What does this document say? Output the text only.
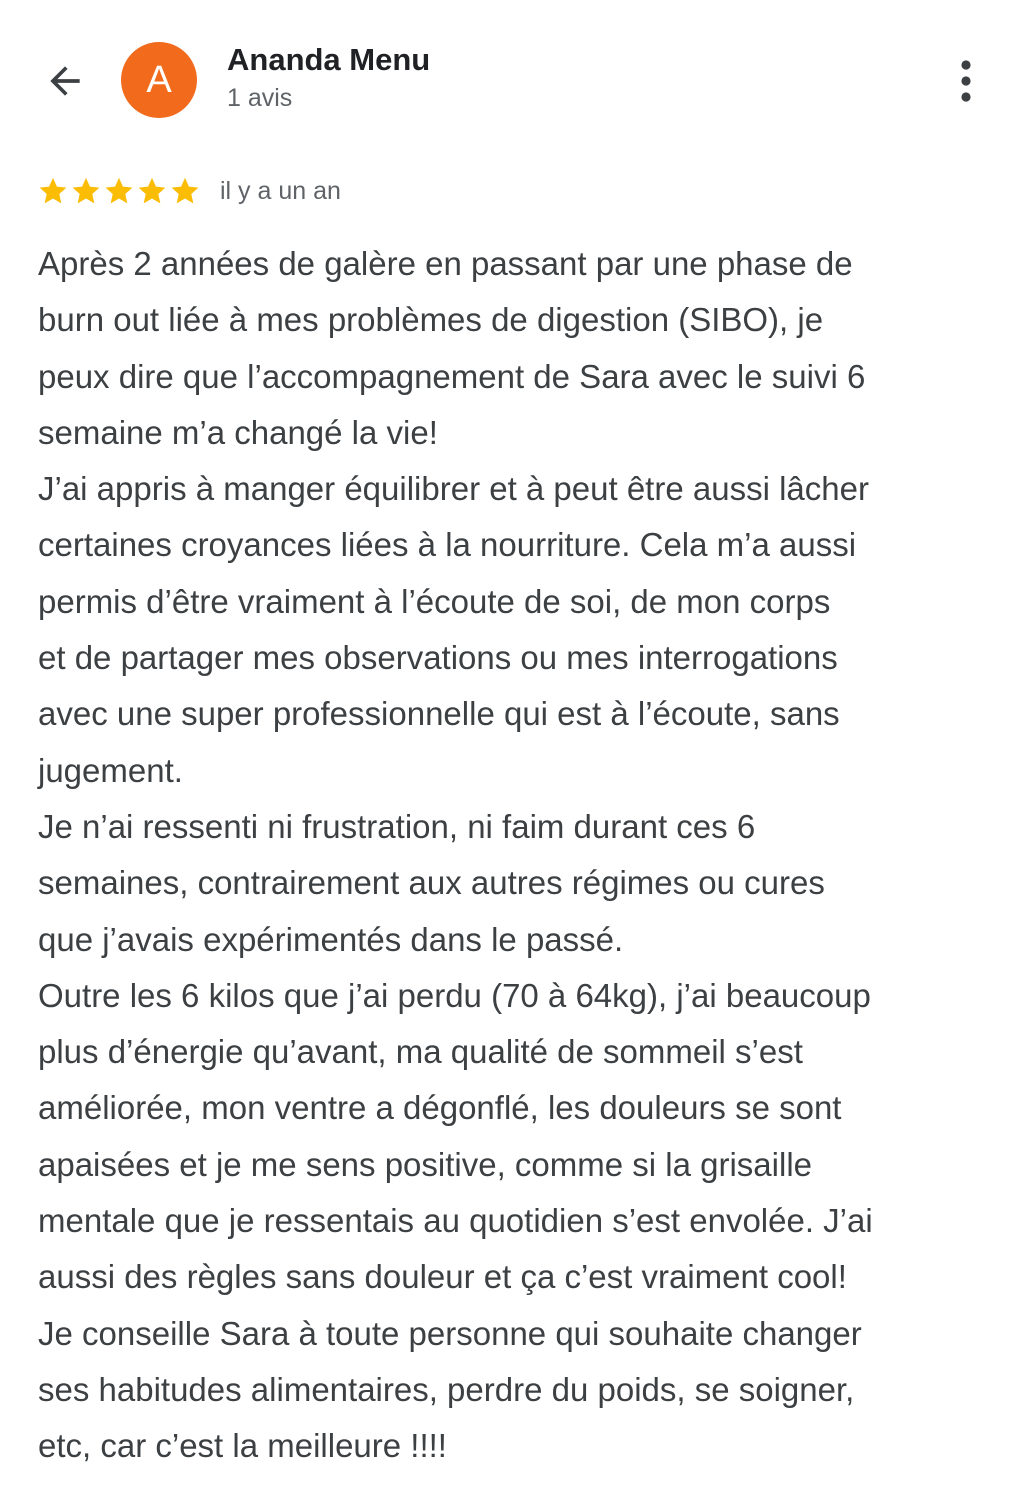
A Ananda Menu
1 avis
il y a un an
Après 2 années de galère en passant par une phase de
burn out liée à mes problèmes de digestion (SIBO), je
peux dire que l’accompagnement de Sara avec le suivi 6
semaine m’a changé la vie!
J’ai appris à manger équilibrer et à peut être aussi lâcher
certaines croyances liées à la nourriture. Cela m’a aussi
permis d’être vraiment à l’écoute de soi, de mon corps
et de partager mes observations ou mes interrogations
avec une super professionnelle qui est à l’écoute, sans
jugement.
Je n’ai ressenti ni frustration, ni faim durant ces 6
semaines, contrairement aux autres régimes ou cures
que j’avais expérimentés dans le passé.
Outre les 6 kilos que j’ai perdu (70 à 64kg), j’ai beaucoup
plus d’énergie qu’avant, ma qualité de sommeil s’est
améliorée, mon ventre a dégonflé, les douleurs se sont
apaisées et je me sens positive, comme si la grisaille
mentale que je ressentais au quotidien s’est envolée. J’ai
aussi des règles sans douleur et ça c’est vraiment cool!
Je conseille Sara à toute personne qui souhaite changer
ses habitudes alimentaires, perdre du poids, se soigner,
etc, car c’est la meilleure !!!!
